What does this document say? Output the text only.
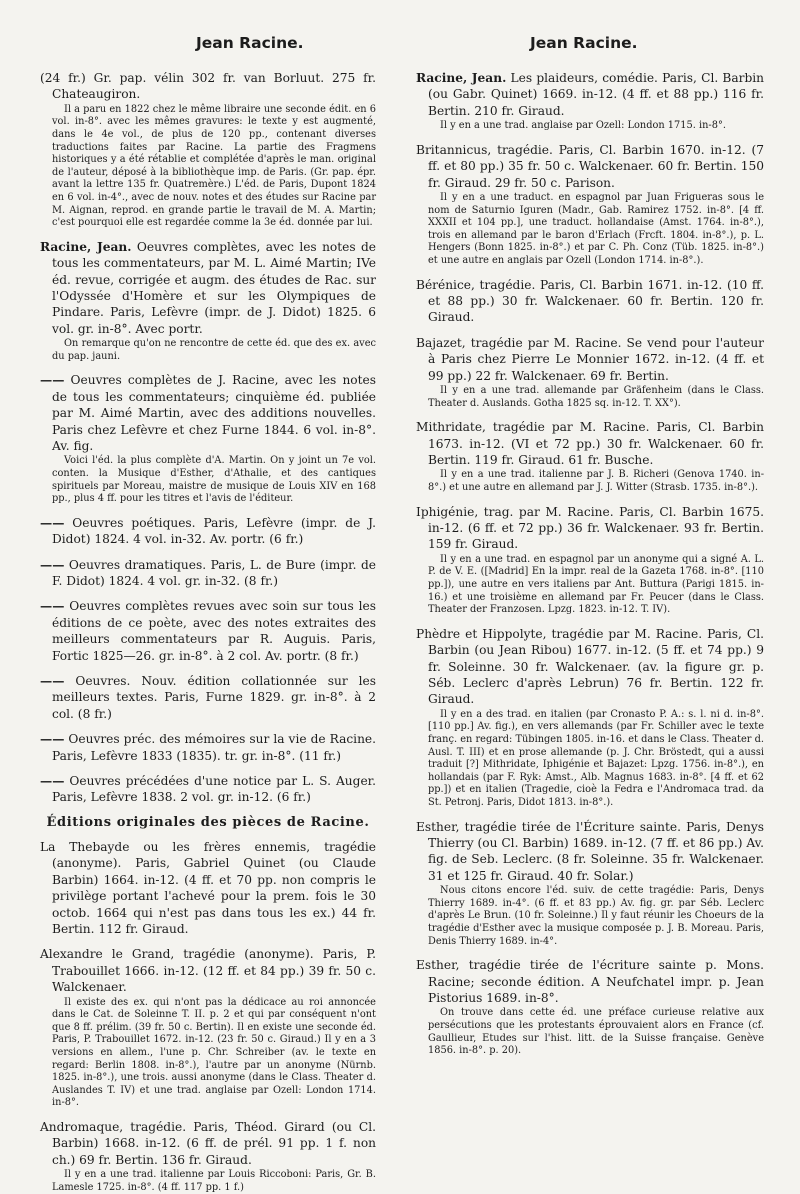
Jean Racine.	Jean Racine.

(24 fr.) Gr. pap. vélin 302 fr. van Borluut. 275 fr. Chateaugiron.

Il a paru en 1822 chez le même libraire une seconde édit. en 6 vol. in-8°. avec les mêmes gravures: le texte y est augmenté, dans le 4e vol., de plus de 120 pp., contenant diverses traductions faites par Racine. La partie des Fragmens historiques y a été rétablie et complétée d'après le man. original de l'auteur, déposé à la bibliothèque imp. de Paris. (Gr. pap. épr. avant la lettre 135 fr. Quatremère.) L'éd. de Paris, Dupont 1824 en 6 vol. in-4°., avec de nouv. notes et des études sur Racine par M. Aignan, reprod. en grande partie le travail de M. A. Martin; c'est pourquoi elle est regardée comme la 3e éd. donnée par lui.

Racine, Jean. Oeuvres complètes, avec les notes de tous les commentateurs, par M. L. Aimé Martin; IVe éd. revue, corrigée et augm. des études de Rac. sur l'Odyssée d'Homère et sur les Olympiques de Pindare. Paris, Lefèvre (impr. de J. Didot) 1825. 6 vol. gr. in-8°. Avec portr.

On remarque qu'on ne rencontre de cette éd. que des ex. avec du pap. jauni.

—— Oeuvres complètes de J. Racine, avec les notes de tous les commentateurs; cinquième éd. publiée par M. Aimé Martin, avec des additions nouvelles. Paris chez Lefèvre et chez Furne 1844. 6 vol. in-8°. Av. fig.

Voici l'éd. la plus complète d'A. Martin. On y joint un 7e vol. conten. la Musique d'Esther, d'Athalie, et des cantiques spirituels par Moreau, maistre de musique de Louis XIV en 168 pp., plus 4 ff. pour les titres et l'avis de l'éditeur.

—— Oeuvres poétiques. Paris, Lefèvre (impr. de J. Didot) 1824. 4 vol. in-32. Av. portr. (6 fr.)

—— Oeuvres dramatiques. Paris, L. de Bure (impr. de F. Didot) 1824. 4 vol. gr. in-32. (8 fr.)

—— Oeuvres complètes revues avec soin sur tous les éditions de ce poète, avec des notes extraites des meilleurs commentateurs par R. Auguis. Paris, Fortic 1825—26. gr. in-8°. à 2 col. Av. portr. (8 fr.)

—— Oeuvres. Nouv. édition collationnée sur les meilleurs textes. Paris, Furne 1829. gr. in-8°. à 2 col. (8 fr.)

—— Oeuvres préc. des mémoires sur la vie de Racine. Paris, Lefèvre 1833 (1835). tr. gr. in-8°. (11 fr.)

—— Oeuvres précédées d'une notice par L. S. Auger. Paris, Lefèvre 1838. 2 vol. gr. in-12. (6 fr.)

Éditions originales des pièces de Racine.

La Thebayde ou les frères ennemis, tragédie (anonyme). Paris, Gabriel Quinet (ou Claude Barbin) 1664. in-12. (4 ff. et 70 pp. non compris le privilège portant l'achevé pour la prem. fois le 30 octob. 1664 qui n'est pas dans tous les ex.) 44 fr. Bertin. 112 fr. Giraud.

Alexandre le Grand, tragédie (anonyme). Paris, P. Trabouillet 1666. in-12. (12 ff. et 84 pp.) 39 fr. 50 c. Walckenaer.

Il existe des ex. qui n'ont pas la dédicace au roi annoncée dans le Cat. de Soleinne T. II. p. 2 et qui par conséquent n'ont que 8 ff. prélim. (39 fr. 50 c. Bertin). Il en existe une seconde éd. Paris, P. Trabouillet 1672. in-12. (23 fr. 50 c. Giraud.) Il y en a 3 versions en allem., l'une p. Chr. Schreiber (av. le texte en regard: Berlin 1808. in-8°.), l'autre par un anonyme (Nürnb. 1825. in-8°.), une trois. aussi anonyme (dans le Class. Theater d. Auslandes T. IV) et une trad. anglaise par Ozell: London 1714. in-8°.

Andromaque, tragédie. Paris, Théod. Girard (ou Cl. Barbin) 1668. in-12. (6 ff. de prél. 91 pp. 1 f. non ch.) 69 fr. Bertin. 136 fr. Giraud.

Il y en a une trad. italienne par Louis Riccoboni: Paris, Gr. B. Lamesle 1725. in-8°. (4 ff. 117 pp. 1 f.)

Racine, Jean. Les plaideurs, comédie. Paris, Cl. Barbin (ou Gabr. Quinet) 1669. in-12. (4 ff. et 88 pp.) 116 fr. Bertin. 210 fr. Giraud.

Il y en a une trad. anglaise par Ozell: London 1715. in-8°.

Britannicus, tragédie. Paris, Cl. Barbin 1670. in-12. (7 ff. et 80 pp.) 35 fr. 50 c. Walckenaer. 60 fr. Bertin. 150 fr. Giraud. 29 fr. 50 c. Parison.

Il y en a une traduct. en espagnol par Juan Frigueras sous le nom de Saturnio Iguren (Madr., Gab. Ramirez 1752. in-8°. [4 ff. XXXII et 104 pp.], une traduct. hollandaise (Amst. 1764. in-8°.), trois en allemand par le baron d'Erlach (Frcft. 1804. in-8°.), p. L. Hengers (Bonn 1825. in-8°.) et par C. Ph. Conz (Tüb. 1825. in-8°.) et une autre en anglais par Ozell (London 1714. in-8°.).

Bérénice, tragédie. Paris, Cl. Barbin 1671. in-12. (10 ff. et 88 pp.) 30 fr. Walckenaer. 60 fr. Bertin. 120 fr. Giraud.

Bajazet, tragédie par M. Racine. Se vend pour l'auteur à Paris chez Pierre Le Monnier 1672. in-12. (4 ff. et 99 pp.) 22 fr. Walckenaer. 69 fr. Bertin.

Il y en a une trad. allemande par Gräfenheim (dans le Class. Theater d. Auslands. Gotha 1825 sq. in-12. T. XX°).

Mithridate, tragédie par M. Racine. Paris, Cl. Barbin 1673. in-12. (VI et 72 pp.) 30 fr. Walckenaer. 60 fr. Bertin. 119 fr. Giraud. 61 fr. Busche.

Il y en a une trad. italienne par J. B. Richeri (Genova 1740. in-8°.) et une autre en allemand par J. J. Witter (Strasb. 1735. in-8°.).

Iphigénie, trag. par M. Racine. Paris, Cl. Barbin 1675. in-12. (6 ff. et 72 pp.) 36 fr. Walckenaer. 93 fr. Bertin. 159 fr. Giraud.

Il y en a une trad. en espagnol par un anonyme qui a signé A. L. P. de V. E. ([Madrid] En la impr. real de la Gazeta 1768. in-8°. [110 pp.]), une autre en vers italiens par Ant. Buttura (Parigi 1815. in-16.) et une troisième en allemand par Fr. Peucer (dans le Class. Theater der Franzosen. Lpzg. 1823. in-12. T. IV).

Phèdre et Hippolyte, tragédie par M. Racine. Paris, Cl. Barbin (ou Jean Ribou) 1677. in-12. (5 ff. et 74 pp.) 9 fr. Soleinne. 30 fr. Walckenaer. (av. la figure gr. p. Séb. Leclerc d'après Lebrun) 76 fr. Bertin. 122 fr. Giraud.

Il y en a des trad. en italien (par Cronasto P. A.: s. l. ni d. in-8°. [110 pp.] Av. fig.), en vers allemands (par Fr. Schiller avec le texte franç. en regard: Tübingen 1805. in-16. et dans le Class. Theater d. Ausl. T. III) et en prose allemande (p. J. Chr. Bröstedt, qui a aussi traduit [?] Mithridate, Iphigénie et Bajazet: Lpzg. 1756. in-8°.), en hollandais (par F. Ryk: Amst., Alb. Magnus 1683. in-8°. [4 ff. et 62 pp.]) et en italien (Tragedie, cioè la Fedra e l'Andromaca trad. da St. Petronj. Paris, Didot 1813. in-8°.).

Esther, tragédie tirée de l'Écriture sainte. Paris, Denys Thierry (ou Cl. Barbin) 1689. in-12. (7 ff. et 86 pp.) Av. fig. de Seb. Leclerc. (8 fr. Soleinne. 35 fr. Walckenaer. 31 et 125 fr. Giraud. 40 fr. Solar.)

Nous citons encore l'éd. suiv. de cette tragédie: Paris, Denys Thierry 1689. in-4°. (6 ff. et 83 pp.) Av. fig. gr. par Séb. Leclerc d'après Le Brun. (10 fr. Soleinne.) Il y faut réunir les Choeurs de la tragédie d'Esther avec la musique composée p. J. B. Moreau. Paris, Denis Thierry 1689. in-4°.

Esther, tragédie tirée de l'écriture sainte p. Mons. Racine; seconde édition. A Neufchatel impr. p. Jean Pistorius 1689. in-8°.

On trouve dans cette éd. une préface curieuse relative aux persécutions que les protestants éprouvaient alors en France (cf. Gaullieur, Etudes sur l'hist. litt. de la Suisse française. Genève 1856. in-8°. p. 20).
